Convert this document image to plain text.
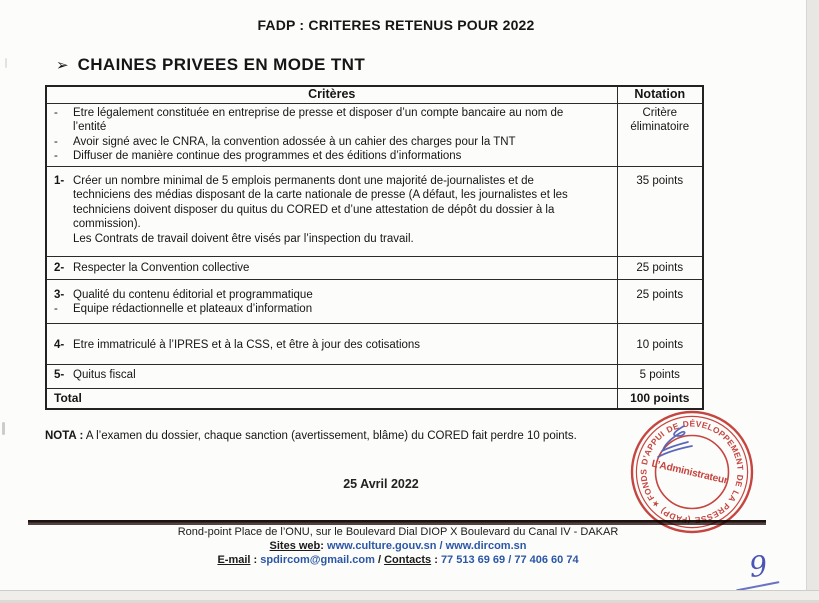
FADP : CRITERES RETENUS POUR 2022
➢ CHAINES PRIVEES EN MODE TNT
Critères	Notation

-	Etre légalement constituée en entreprise de presse et disposer d’un compte bancaire au nom de l’entité
-	Avoir signé avec le CNRA, la convention adossée à un cahier des charges pour la TNT
-	Diffuser de manière continue des programmes et des éditions d’informations
	Critère éliminatoire

1- Créer un nombre minimal de 5 emplois permanents dont une majorité de-journalistes et de techniciens des médias disposant de la carte nationale de presse (A défaut, les journalistes et les techniciens doivent disposer du quitus du CORED et d’une attestation de dépôt du dossier à la commission).
Les Contrats de travail doivent être visés par l’inspection du travail.	35 points

2- Respecter la Convention collective	25 points

3- Qualité du contenu éditorial et programmatique
- Equipe rédactionnelle et plateaux d’information	25 points

4- Etre immatriculé à l’IPRES et à la CSS, et être à jour des cotisations	10 points

5- Quitus fiscal	5 points

Total	100 points
NOTA : A l’examen du dossier, chaque sanction (avertissement, blâme) du CORED fait perdre 10 points.
25 Avril 2022
Rond-point Place de l’ONU, sur le Boulevard Dial DIOP X Boulevard du Canal IV - DAKAR
Sites web: www.culture.gouv.sn / www.dircom.sn
E-mail : spdircom@gmail.com / Contacts : 77 513 69 69 / 77 406 60 74
FONDS D’APPUI DE DÉVELOPPEMENT DE LA PRESSE (FADP) ★
L’Administrateur
9
